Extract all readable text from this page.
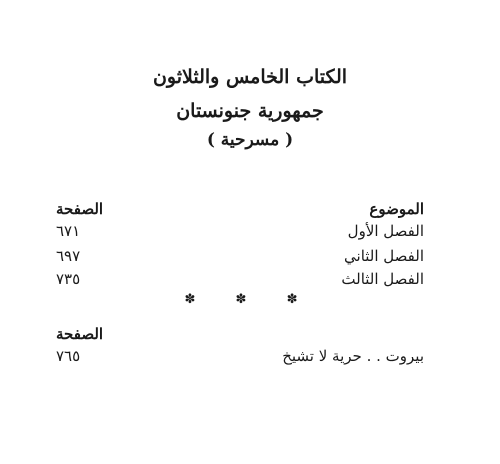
الكتاب الخامس والثلاثون
جمهورية جنونستان
( مسرحية )
الموضوع
الصفحة
الفصل الأول
٦٧١
الفصل الثاني
٦٩٧
الفصل الثالث
٧٣٥
✽ ✽ ✽
الصفحة
بيروت . . حرية لا تشيخ
٧٦٥
